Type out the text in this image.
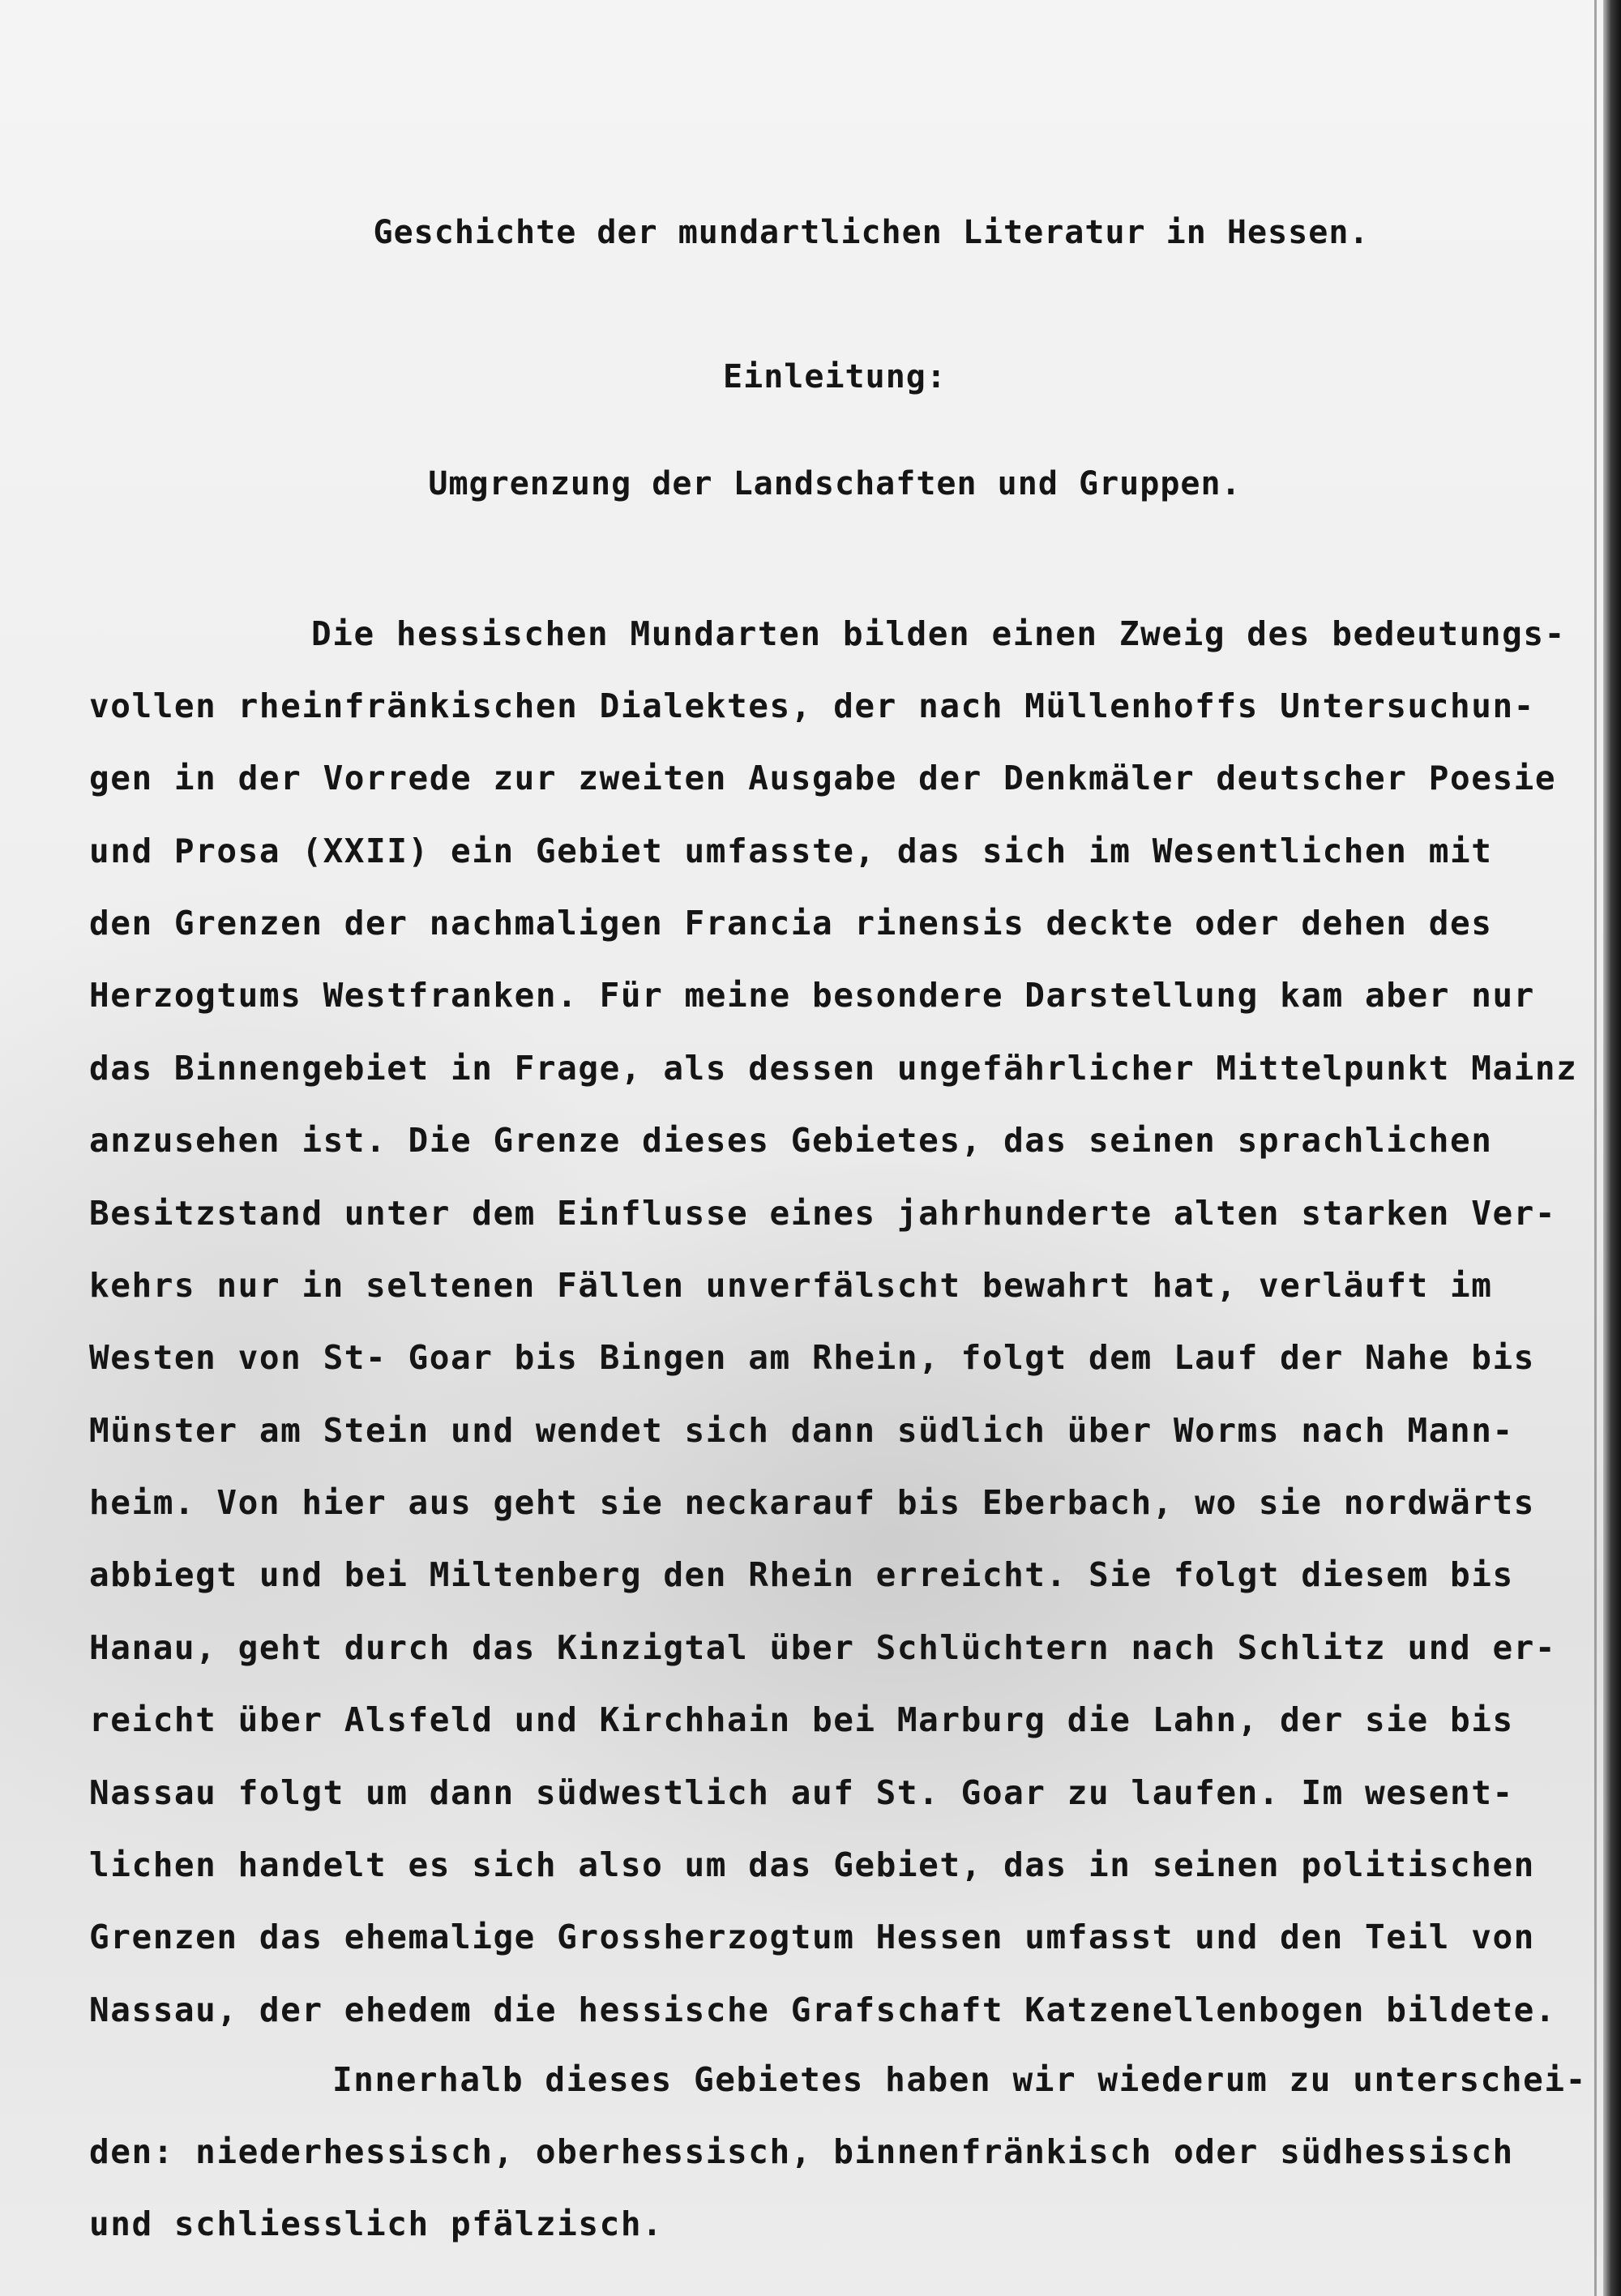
Geschichte der mundartlichen Literatur in Hessen.
Einleitung:
Umgrenzung der Landschaften und Gruppen.
Die hessischen Mundarten bilden einen Zweig des bedeutungs-
vollen rheinfränkischen Dialektes, der nach Müllenhoffs Untersuchun-
gen in der Vorrede zur zweiten Ausgabe der Denkmäler deutscher Poesie
und Prosa (XXII) ein Gebiet umfasste, das sich im Wesentlichen mit
den Grenzen der nachmaligen Francia rinensis deckte oder dehen des
Herzogtums Westfranken. Für meine besondere Darstellung kam aber nur
das Binnengebiet in Frage, als dessen ungefährlicher Mittelpunkt Mainz
anzusehen ist. Die Grenze dieses Gebietes, das seinen sprachlichen
Besitzstand unter dem Einflusse eines jahrhunderte alten starken Ver-
kehrs nur in seltenen Fällen unverfälscht bewahrt hat, verläuft im
Westen von St- Goar bis Bingen am Rhein, folgt dem Lauf der Nahe bis
Münster am Stein und wendet sich dann südlich über Worms nach Mann-
heim. Von hier aus geht sie neckarauf bis Eberbach, wo sie nordwärts
abbiegt und bei Miltenberg den Rhein erreicht. Sie folgt diesem bis
Hanau, geht durch das Kinzigtal über Schlüchtern nach Schlitz und er-
reicht über Alsfeld und Kirchhain bei Marburg die Lahn, der sie bis
Nassau folgt um dann südwestlich auf St. Goar zu laufen. Im wesent-
lichen handelt es sich also um das Gebiet, das in seinen politischen
Grenzen das ehemalige Grossherzogtum Hessen umfasst und den Teil von
Nassau, der ehedem die hessische Grafschaft Katzenellenbogen bildete.
Innerhalb dieses Gebietes haben wir wiederum zu unterschei-
den: niederhessisch, oberhessisch, binnenfränkisch oder südhessisch
und schliesslich pfälzisch.
